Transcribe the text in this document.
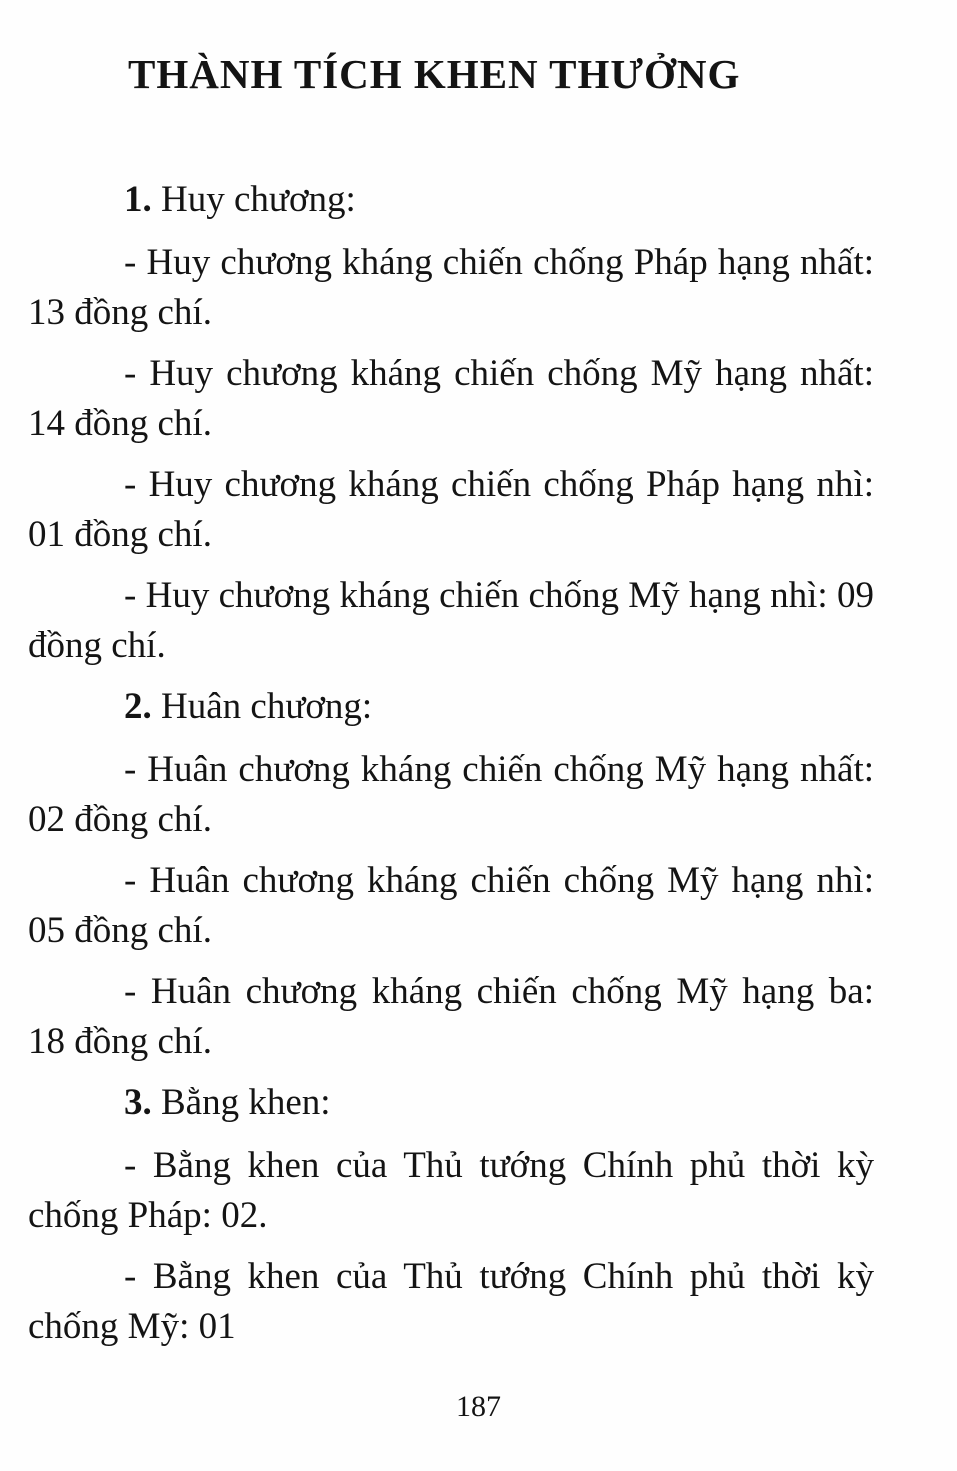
THÀNH TÍCH KHEN THƯỞNG
1. Huy chương:
- Huy chương kháng chiến chống Pháp hạng nhất: 13 đồng chí.
- Huy chương kháng chiến chống Mỹ hạng nhất: 14 đồng chí.
- Huy chương kháng chiến chống Pháp hạng nhì: 01 đồng chí.
- Huy chương kháng chiến chống Mỹ hạng nhì: 09 đồng chí.
2. Huân chương:
- Huân chương kháng chiến chống Mỹ hạng nhất: 02 đồng chí.
- Huân chương kháng chiến chống Mỹ hạng nhì: 05 đồng chí.
- Huân chương kháng chiến chống Mỹ hạng ba: 18 đồng chí.
3. Bằng khen:
- Bằng khen của Thủ tướng Chính phủ thời kỳ chống Pháp: 02.
- Bằng khen của Thủ tướng Chính phủ thời kỳ chống Mỹ: 01
187
